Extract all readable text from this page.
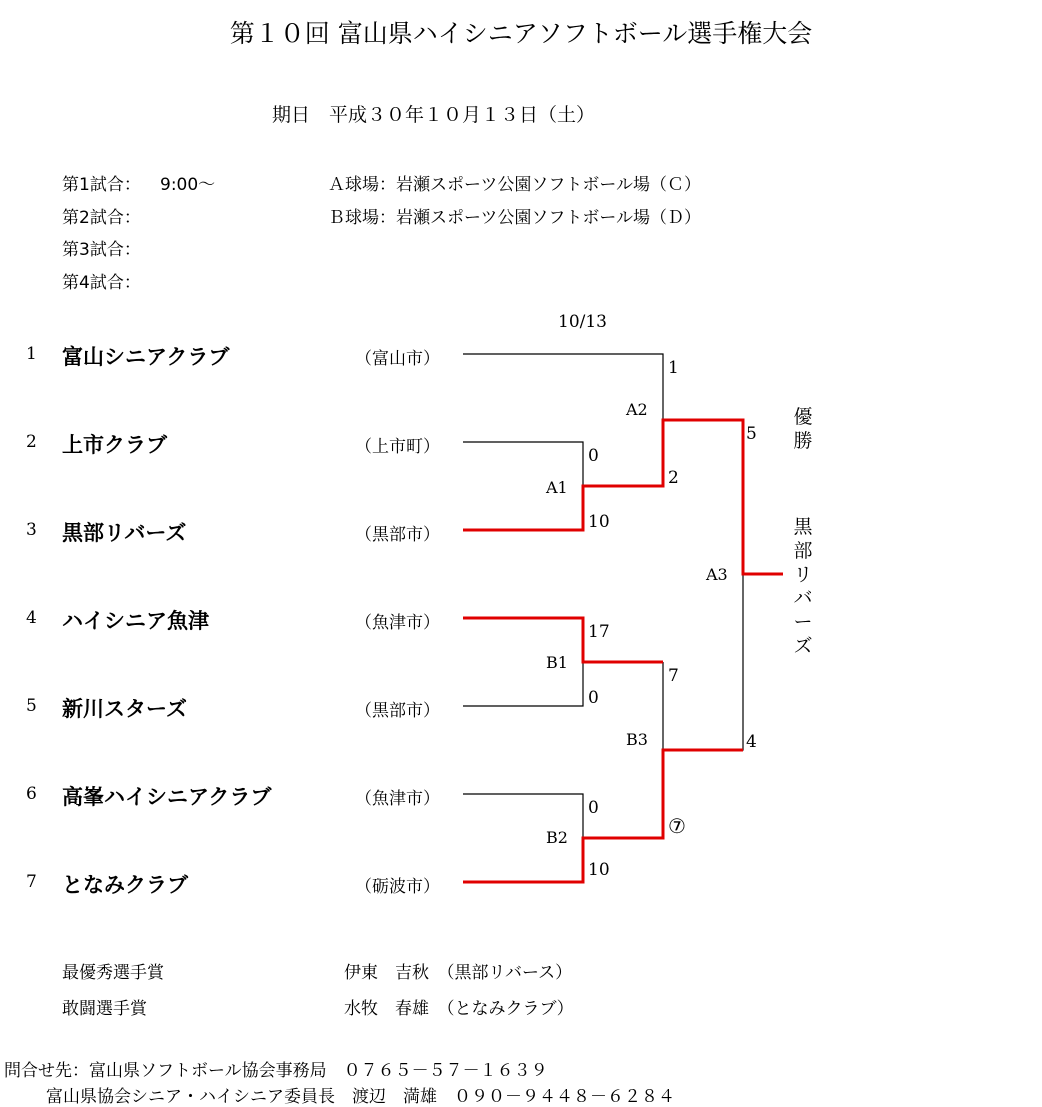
第１０回 富山県ハイシニアソフトボール選手権大会
期日　平成３０年１０月１３日（土）
第1試合： 9:00～	Ａ球場：岩瀬スポーツ公園ソフトボール場（Ｃ）
第2試合：	Ｂ球場：岩瀬スポーツ公園ソフトボール場（Ｄ）
第3試合：
第4試合：
10/13
1 富山シニアクラブ	（富山市）
2 上市クラブ	（上市町）
3 黒部リバーズ	（黒部市）
4 ハイシニア魚津	（魚津市）
5 新川スターズ	（黒部市）
6 高峯ハイシニアクラブ	（魚津市）
7 となみクラブ	（砺波市）
1
A2
2
0
A1
10
5
A3
4
17
B1
0
7
B3
⑦
0
B2
10
優勝
黒部リバーズ
最優秀選手賞	伊東　吉秋　（黒部リバース）
敢闘選手賞	水牧　春雄　（となみクラブ）
問合せ先：富山県ソフトボール協会事務局　０７６５－５７－１６３９
富山県協会シニア・ハイシニア委員長　渡辺　満雄　０９０－９４４８－６２８４
